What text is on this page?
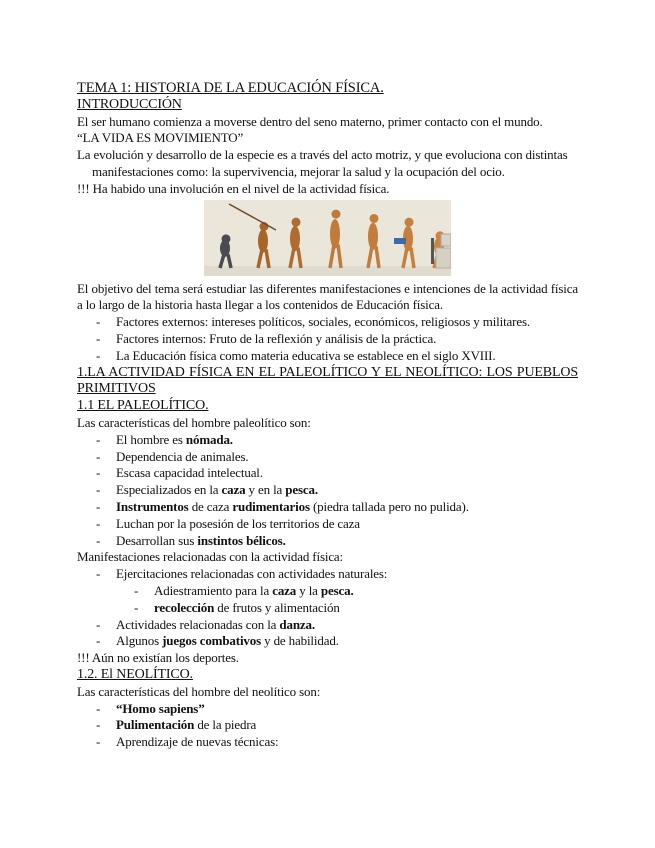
TEMA 1: HISTORIA DE LA EDUCACIÓN FÍSICA.
INTRODUCCIÓN
El ser humano comienza a moverse dentro del seno materno, primer contacto con el mundo.
“LA VIDA ES MOVIMIENTO”
La evolución y desarrollo de la especie es a través del acto motriz, y que evoluciona con distintas manifestaciones como: la supervivencia, mejorar la salud y la ocupación del ocio.
!!! Ha habido una involución en el nivel de la actividad física.
El objetivo del tema será estudiar las diferentes manifestaciones e intenciones de la actividad física a lo largo de la historia hasta llegar a los contenidos de Educación física.
- Factores externos: intereses políticos, sociales, económicos, religiosos y militares.
- Factores internos: Fruto de la reflexión y análisis de la práctica.
- La Educación física como materia educativa se establece en el siglo XVIII.
1.LA ACTIVIDAD FÍSICA EN EL PALEOLÍTICO Y EL NEOLÍTICO: LOS PUEBLOS PRIMITIVOS
1.1 EL PALEOLÍTICO.
Las características del hombre paleolítico son:
- El hombre es nómada.
- Dependencia de animales.
- Escasa capacidad intelectual.
- Especializados en la caza y en la pesca.
- Instrumentos de caza rudimentarios (piedra tallada pero no pulida).
- Luchan por la posesión de los territorios de caza
- Desarrollan sus instintos bélicos.
Manifestaciones relacionadas con la actividad física:
- Ejercitaciones relacionadas con actividades naturales:
- Adiestramiento para la caza y la pesca.
- recolección de frutos y alimentación
- Actividades relacionadas con la danza.
- Algunos juegos combativos y de habilidad.
!!! Aún no existían los deportes.
1.2. El NEOLÍTICO.
Las características del hombre del neolítico son:
- “Homo sapiens”
- Pulimentación de la piedra
- Aprendizaje de nuevas técnicas:
